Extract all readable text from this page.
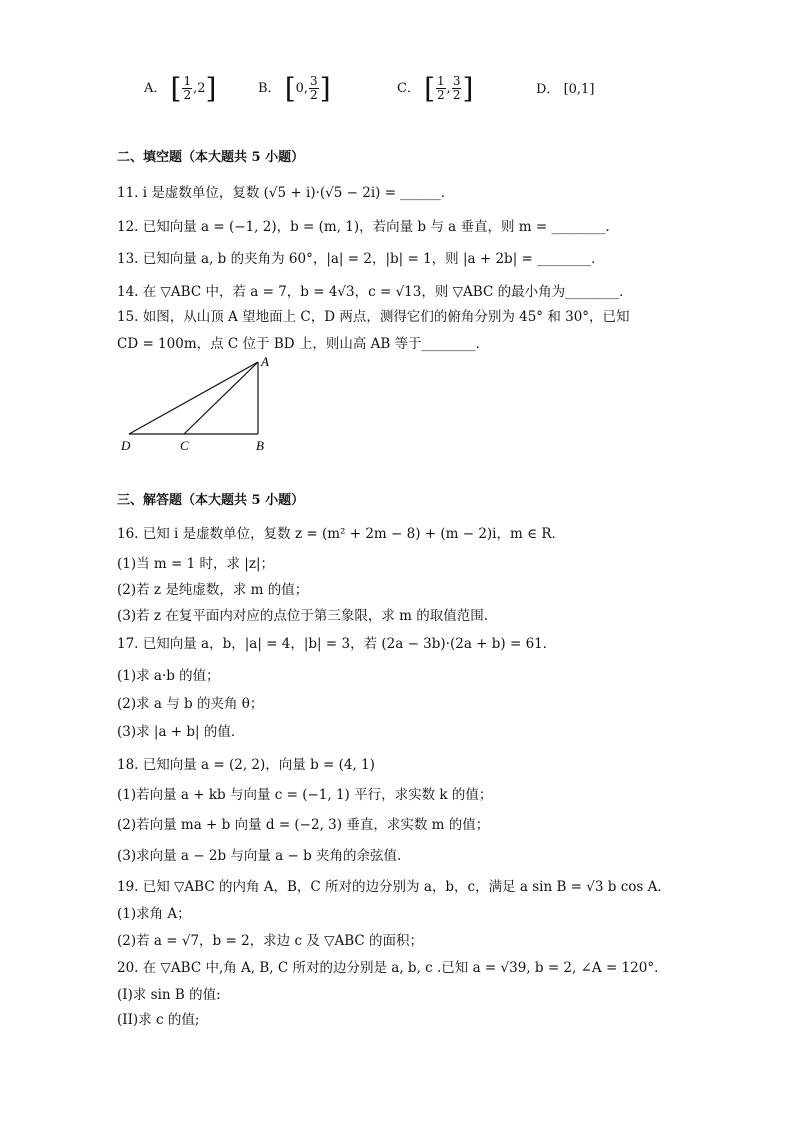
A． [ $\frac{1}{2} ,2$]	B． [0, $\frac{3}{2}$ ]	C． [ $\frac{1}{2}$ , $\frac{3}{2}$ ]	D． [0,1]
二、填空题（本大题共 5 小题）
11. i 是虚数单位，复数 (√5 + i)·(√5 − 2i) = ______．
12. 已知向量 a = (−1, 2)，b = (m, 1)，若向量 b 与 a 垂直，则 m = ________．
13. 已知向量 a, b 的夹角为 60°，|a| = 2，|b| = 1，则 |a + 2b| = ________．
14. 在 ▽ABC 中，若 a = 7，b = 4√3，c = √13，则 ▽ABC 的最小角为________．
15. 如图，从山顶 A 望地面上 C，D 两点，测得它们的俯角分别为 45° 和 30°，已知
CD = 100m，点 C 位于 BD 上，则山高 AB 等于________．
A
B
C
D
三、解答题（本大题共 5 小题）
16. 已知 i 是虚数单位，复数 z = (m² + 2m − 8) + (m − 2)i，m ∈ R．
(1)当 m = 1 时，求 |z|；
(2)若 z 是纯虚数，求 m 的值；
(3)若 z 在复平面内对应的点位于第三象限，求 m 的取值范围.
17. 已知向量 a，b，|a| = 4，|b| = 3，若 (2a − 3b)·(2a + b) = 61．
(1)求 a·b 的值；
(2)求 a 与 b 的夹角 θ；
(3)求 |a + b| 的值．
18. 已知向量 a = (2, 2)，向量 b = (4, 1)
(1)若向量 a + kb 与向量 c = (−1, 1) 平行，求实数 k 的值；
(2)若向量 ma + b 向量 d = (−2, 3) 垂直，求实数 m 的值；
(3)求向量 a − 2b 与向量 a − b 夹角的余弦值．
19. 已知 ▽ABC 的内角 A，B，C 所对的边分别为 a，b，c，满足 a sin B = √3 b cos A．
(1)求角 A；
(2)若 a = √7，b = 2，求边 c 及 ▽ABC 的面积；
20. 在 ▽ABC 中,角 A, B, C 所对的边分别是 a, b, c .已知 a = √39, b = 2, ∠A = 120°.
(I)求 sin B 的值:
(II)求 c 的值;
